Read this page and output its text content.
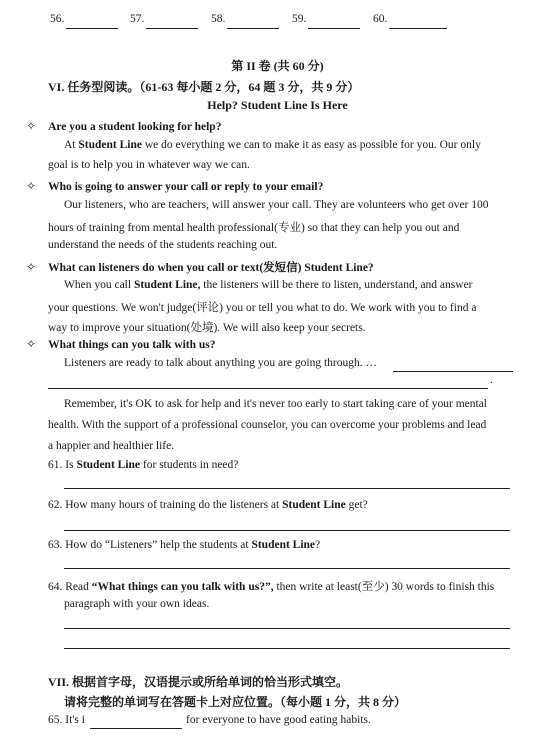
56.	57.	58.	59.	60.
第 II 卷 (共 60 分)
VI. 任务型阅读。（61-63 每小题 2 分，64 题 3 分，共 9 分）
Help? Student Line Is Here
✧ Are you a student looking for help?
At Student Line we do everything we can to make it as easy as possible for you. Our only
goal is to help you in whatever way we can.
✧ Who is going to answer your call or reply to your email?
Our listeners, who are teachers, will answer your call. They are volunteers who get over 100
hours of training from mental health professional(专业) so that they can help you out and
understand the needs of the students reaching out.
✧ What can listeners do when you call or text(发短信) Student Line?
When you call Student Line, the listeners will be there to listen, understand, and answer
your questions. We won't judge(评论) you or tell you what to do. We work with you to find a
way to improve your situation(处境). We will also keep your secrets.
✧ What things can you talk with us?
Listeners are ready to talk about anything you are going through. …
.
Remember, it's OK to ask for help and it's never too early to start taking care of your mental
health. With the support of a professional counselor, you can overcome your problems and lead
a happier and healthier life.
61. Is Student Line for students in need?
62. How many hours of training do the listeners at Student Line get?
63. How do “Listeners” help the students at Student Line?
64. Read “What things can you talk with us?”, then write at least(至少) 30 words to finish this
paragraph with your own ideas.
VII. 根据首字母，汉语提示或所给单词的恰当形式填空。
请将完整的单词写在答题卡上对应位置。（每小题 1 分，共 8 分）
65. It's i	for everyone to have good eating habits.
